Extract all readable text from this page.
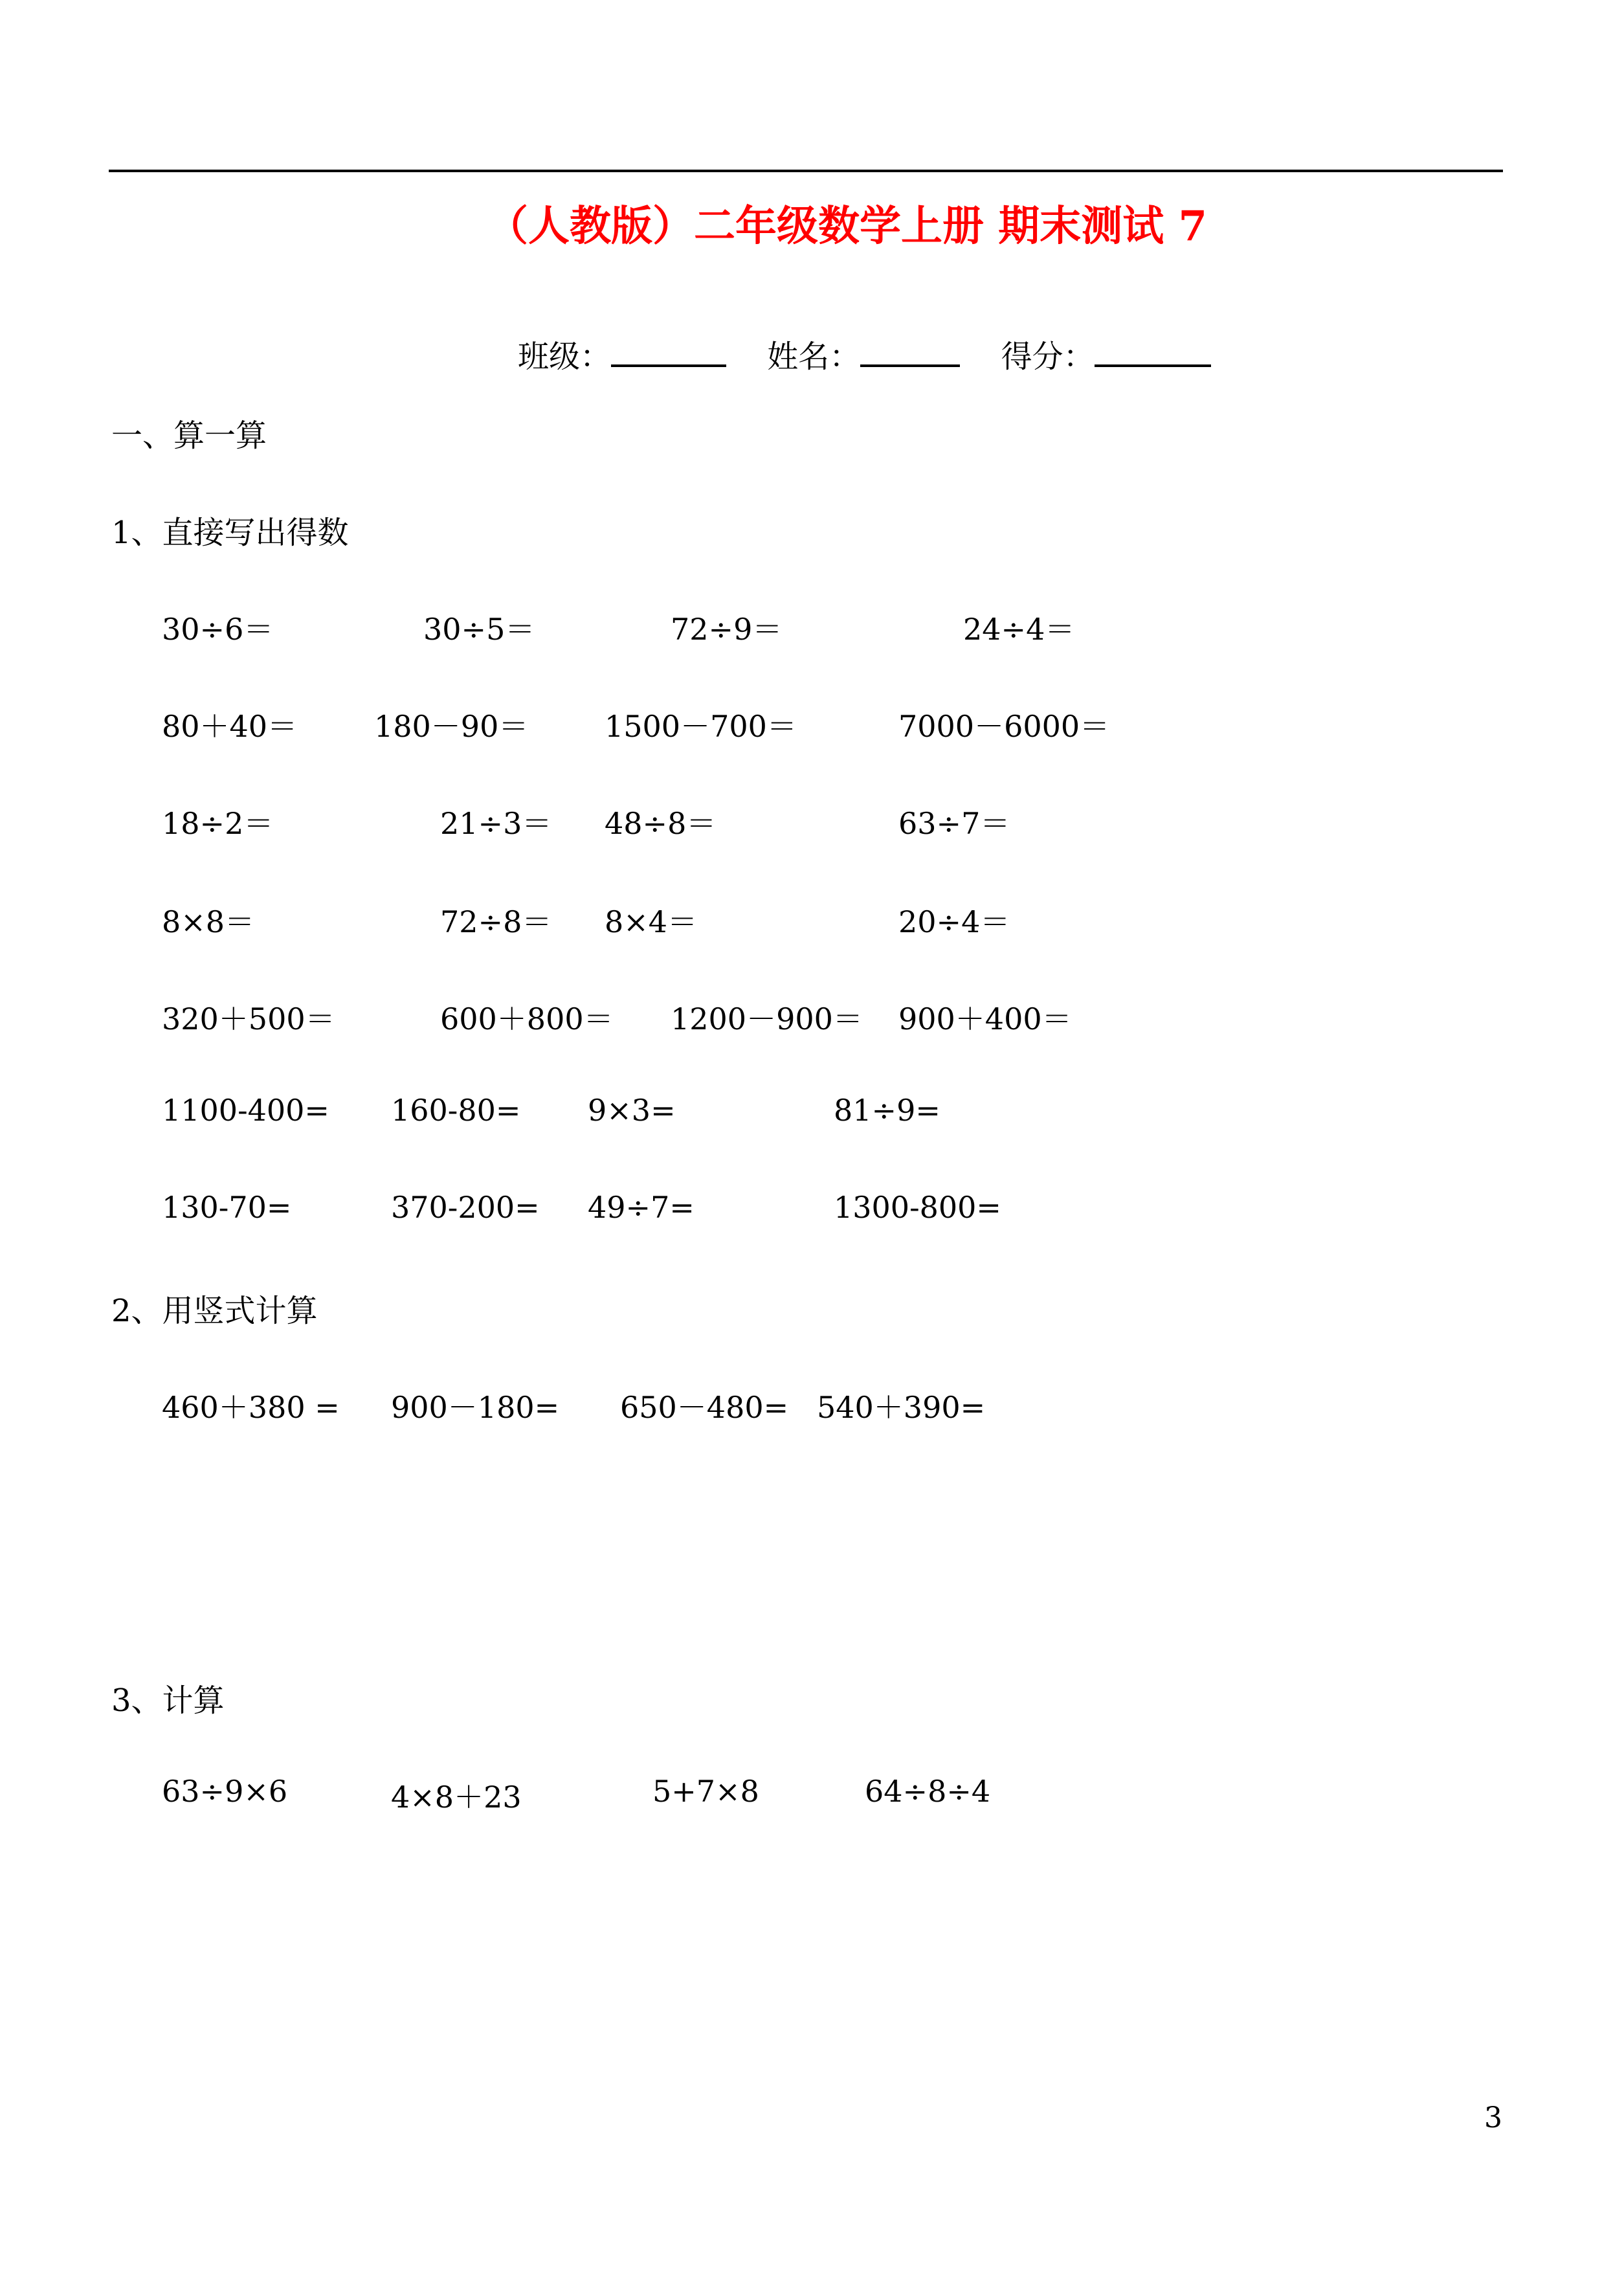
（人教版）二年级数学上册 期末测试 7
班级：	姓名：	得分：
一、算一算
1、直接写出得数
30÷6＝	30÷5＝	72÷9＝	24÷4＝
80＋40＝	180－90＝	1500－700＝	7000－6000＝
18÷2＝	21÷3＝ 48÷8＝	63÷7＝
8×8＝	72÷8＝ 8×4＝	20÷4＝
320＋500＝	600＋800＝ 1200－900＝ 900＋400＝
1100-400= 160-80= 9×3=	81÷9=
130-70=	370-200= 49÷7=	1300-800=
2、用竖式计算
460＋380 = 900－180= 650－480= 540＋390=
3、计算
63÷9×6	4×8＋23	5+7×8	64÷8÷4
3
